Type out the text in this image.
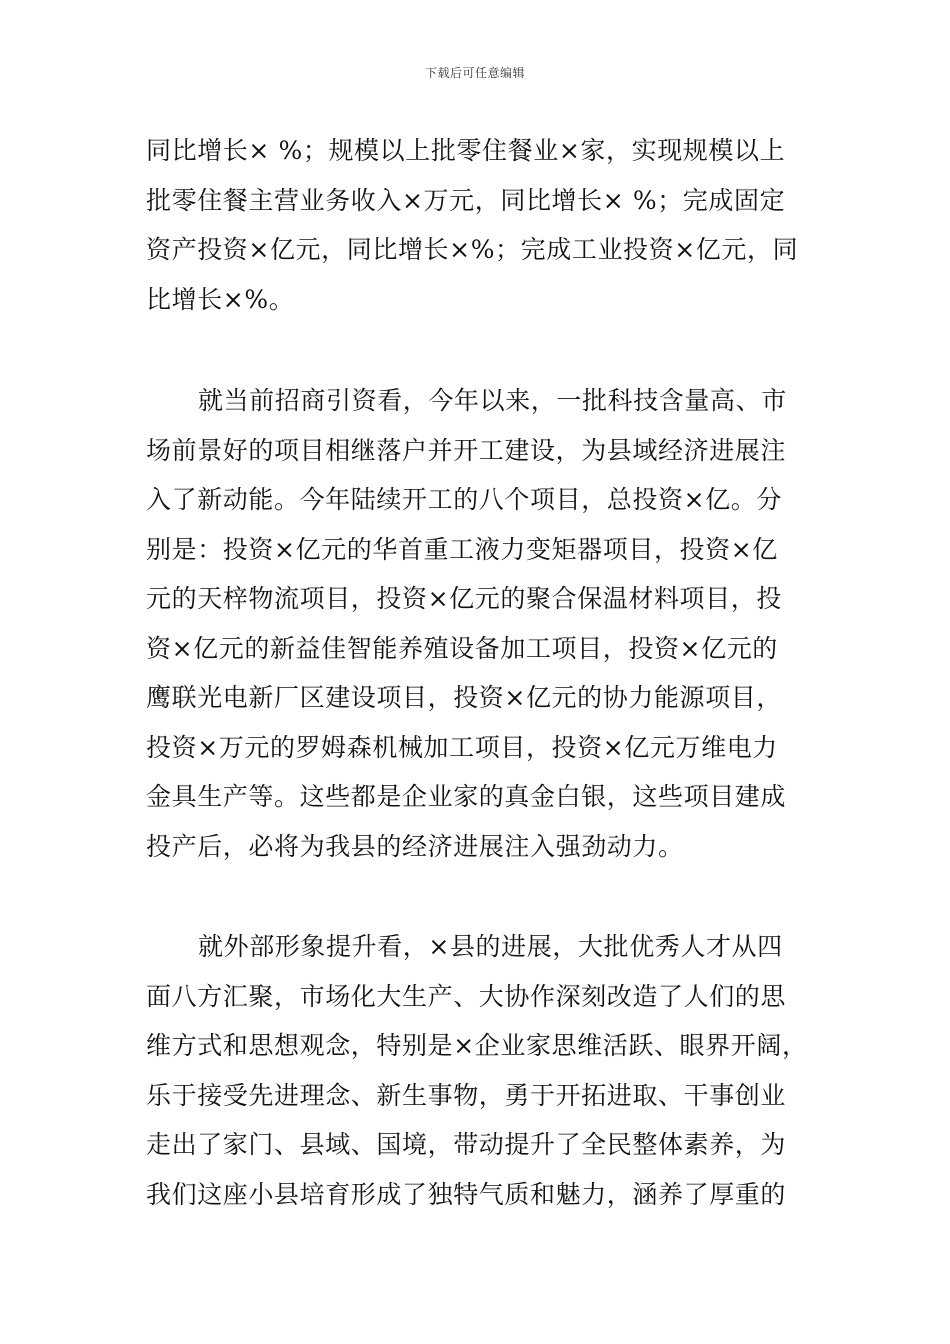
下载后可任意编辑
同比增长× %；规模以上批零住餐业×家，实现规模以上
批零住餐主营业务收入×万元，同比增长× %；完成固定
资产投资×亿元，同比增长×%；完成工业投资×亿元，同
比增长×%。
就当前招商引资看，今年以来，一批科技含量高、市
场前景好的项目相继落户并开工建设，为县域经济进展注
入了新动能。今年陆续开工的八个项目，总投资×亿。分
别是：投资×亿元的华首重工液力变矩器项目，投资×亿
元的天梓物流项目，投资×亿元的聚合保温材料项目，投
资×亿元的新益佳智能养殖设备加工项目，投资×亿元的
鹰联光电新厂区建设项目，投资×亿元的协力能源项目，
投资×万元的罗姆森机械加工项目，投资×亿元万维电力
金具生产等。这些都是企业家的真金白银，这些项目建成
投产后，必将为我县的经济进展注入强劲动力。
就外部形象提升看，×县的进展，大批优秀人才从四
面八方汇聚，市场化大生产、大协作深刻改造了人们的思
维方式和思想观念，特别是×企业家思维活跃、眼界开阔，
乐于接受先进理念、新生事物，勇于开拓进取、干事创业
走出了家门、县域、国境，带动提升了全民整体素养，为
我们这座小县培育形成了独特气质和魅力，涵养了厚重的
